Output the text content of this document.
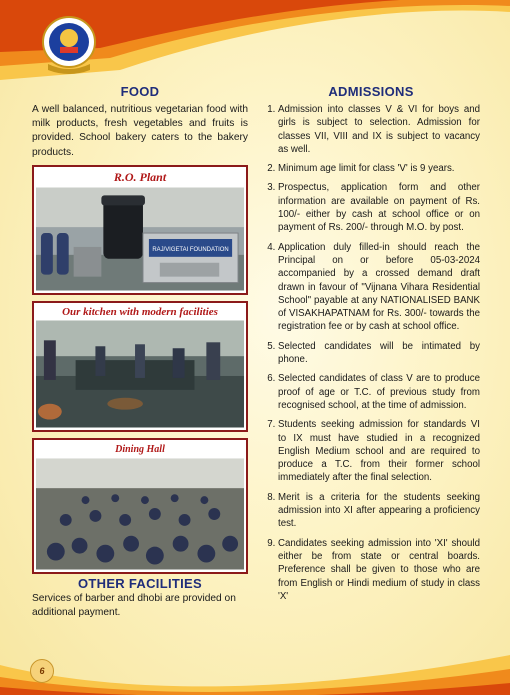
FOOD

A well balanced, nutritious vegetarian food with milk products, fresh vegetables and fruits is provided. School bakery caters to the bakery products.

R.O. Plant
RAJ/VIGETAI FOUNDATION
Our kitchen with modern facilities
Dining Hall
OTHER FACILITIES

Services of barber and dhobi are provided on additional payment.

ADMISSIONS
1. Admission into classes V & VI for boys and girls is subject to selection. Admission for classes VII, VIII and IX is subject to vacancy as well.
2. Minimum age limit for class 'V' is 9 years.
3. Prospectus, application form and other information are available on payment of Rs. 100/- either by cash at school office or on payment of Rs. 200/- through M.O. by post.
4. Application duly filled-in should reach the Principal on or before 05-03-2024 accompanied by a crossed demand draft drawn in favour of "Vijnana Vihara Residential School" payable at any NATIONALISED BANK of VISAKHAPATNAM for Rs. 300/- towards the registration fee or by cash at school office.
5. Selected candidates will be intimated by phone.
6. Selected candidates of class V are to produce proof of age or T.C. of previous study from recognised school, at the time of admission.
7. Students seeking admission for standards VI to IX must have studied in a recognized English Medium school and are required to produce a T.C. from their former school immediately after the final selection.
8. Merit is a criteria for the students seeking admission into XI after appearing a proficiency test.
9. Candidates seeking admission into 'XI' should either be from state or central boards. Preference shall be given to those who are from English or Hindi medium of study in class 'X'
6
